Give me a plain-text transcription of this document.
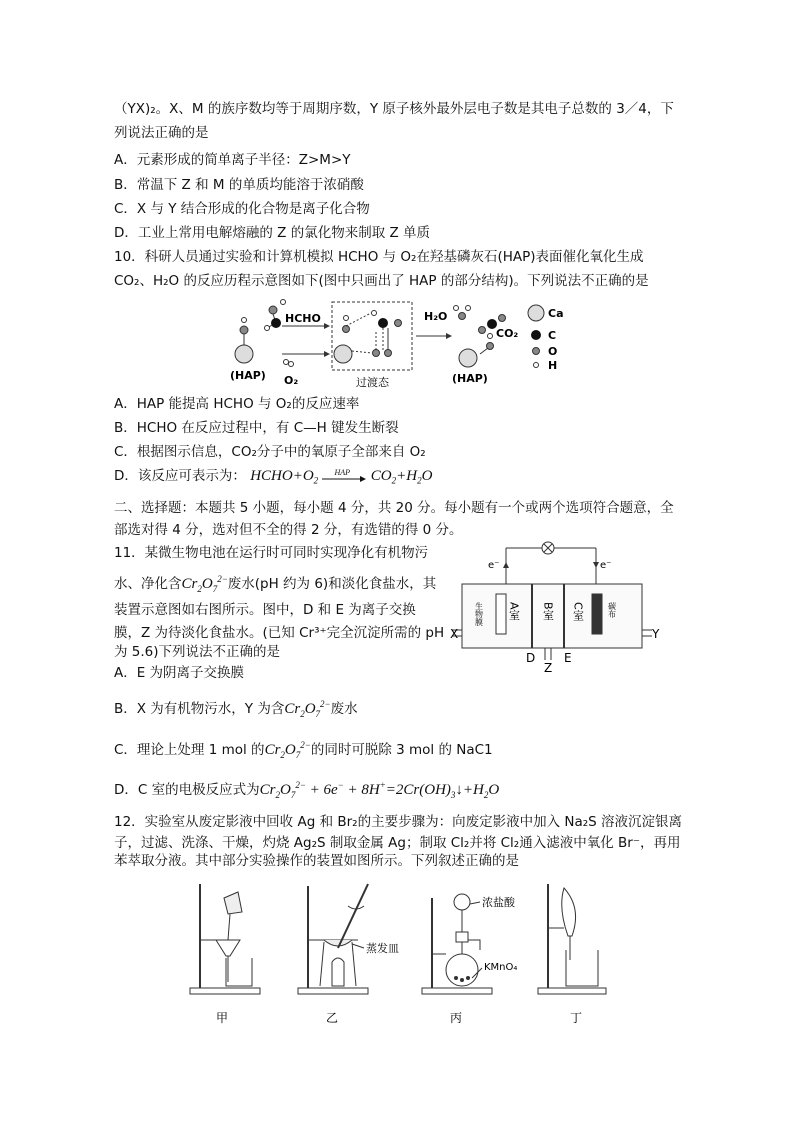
（YX)₂。X、M 的族序数均等于周期序数，Y 原子核外最外层电子数是其电子总数的 3／4，下
列说法正确的是
A．元素形成的简单离子半径：Z>M>Y
B．常温下 Z 和 M 的单质均能溶于浓硝酸
C．X 与 Y 结合形成的化合物是离子化合物
D．工业上常用电解熔融的 Z 的氯化物来制取 Z 单质
10．科研人员通过实验和计算机模拟 HCHO 与 O₂在羟基磷灰石(HAP)表面催化氧化生成
CO₂、H₂O 的反应历程示意图如下(图中只画出了 HAP 的部分结构)。下列说法不正确的是
(HAP)
HCHO
O₂	过渡态
H₂O
CO₂
(HAP)
Ca
C
O
H
A．HAP 能提高 HCHO 与 O₂的反应速率
B．HCHO 在反应过程中，有 C—H 键发生断裂
C．根据图示信息，CO₂分子中的氧原子全部来自 O₂
D．该反应可表示为： $HCHO+O_2$
HAP $CO_2+H_2O$
二、选择题：本题共 5 小题，每小题 4 分，共 20 分。每小题有一个或两个选项符合题意，全
部选对得 4 分，选对但不全的得 2 分，有选错的得 0 分。
11．某微生物电池在运行时可同时实现净化有机物污
水、净化含$Cr_2O_7^{2-}$废水(pH 约为 6)和淡化食盐水，其
装置示意图如右图所示。图中，D 和 E 为离子交换
膜，Z 为待淡化食盐水。(已知 Cr³⁺完全沉淀所需的 pH
为 5.6)下列说法不正确的是
e⁻	e⁻
生物膜	碳布
A室 B室 C室
X	Y
D
Z
E
A．E 为阴离子交换膜
B．X 为有机物污水，Y 为含$Cr_2O_7^{2-}$废水
C．理论上处理 1 mol 的$Cr_2O_7^{2-}$的同时可脱除 3 mol 的 NaC1
D．C 室的电极反应式为$Cr_2O_7^{2-} + 6e^-$ + $8H^+=2Cr(OH)_3↓+H_2O$
12．实验室从废定影液中回收 Ag 和 Br₂的主要步骤为：向废定影液中加入 Na₂S 溶液沉淀银离
子，过滤、洗涤、干燥，灼烧 Ag₂S 制取金属 Ag；制取 Cl₂并将 Cl₂通入滤液中氧化 Br⁻，再用
苯萃取分液。其中部分实验操作的装置如图所示。下列叙述正确的是
甲
蒸发皿
乙
浓盐酸
KMnO₄
丙	丁
